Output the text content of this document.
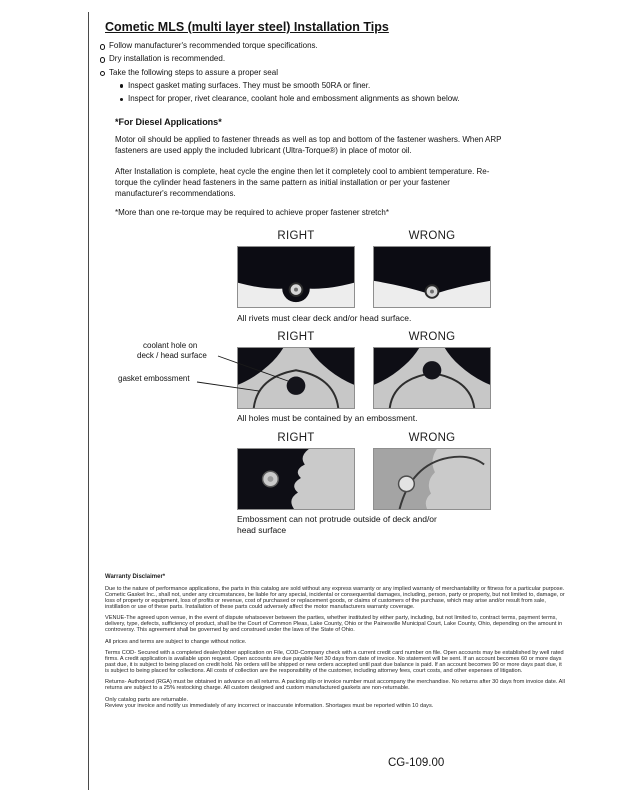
Cometic MLS (multi layer steel) Installation Tips
Follow manufacturer's recommended torque specifications.
Dry installation is recommended.
Take the following steps to assure a proper seal
Inspect gasket mating surfaces. They must be smooth 50RA or finer.
Inspect for proper, rivet clearance, coolant hole and embossment alignments as shown below.
*For Diesel Applications*

Motor oil should be applied to fastener threads as well as top and bottom of the fastener washers. When ARP fasteners are used apply the included lubricant (Ultra-Torque®) in place of motor oil.

After Installation is complete, heat cycle the engine then let it completely cool to ambient temperature. Re-torque the cylinder head fasteners in the same pattern as initial installation or per your fastener manufacturer's recommendations.

*More than one re-torque may be required to achieve proper fastener stretch*

RIGHT	WRONG
All rivets must clear deck and/or head surface.
RIGHT	WRONG
coolant hole on
deck / head surface
gasket embossment
All holes must be contained by an embossment.
RIGHT	WRONG
Embossment can not protrude outside of deck and/or head surface
Warranty Disclaimer*

Due to the nature of performance applications, the parts in this catalog are sold without any express warranty or any implied warranty of merchantability or fitness for a particular purpose. Cometic Gasket Inc., shall not, under any circumstances, be liable for any special, incidental or consequential damages, including, person, party or property, but not limited to, damage, or loss of property or equipment, loss of profits or revenue, cost of purchased or replacement goods, or claims of customers of the purchase, which may arise and/or result from sale, instillation or use of these parts. Installation of these parts could adversely affect the motor manufacturers warranty coverage.

VENUE-The agreed upon venue, in the event of dispute whatsoever between the parties, whether instituted by either party, including, but not limited to, contract terms, payment terms, delivery, type, defects, sufficiency of product, shall be the Court of Common Pleas, Lake County, Ohio or the Painesville Municipal Court, Lake County, Ohio, depending on the amount in controversy. This agreement shall be governed by and construed under the laws of the State of Ohio.

All prices and terms are subject to change without notice.

Terms COD- Secured with a completed dealer/jobber application on File, COD-Company check with a current credit card number on file. Open accounts may be established by well rated firms. A credit application is available upon request. Open accounts are due payable Net 30 days from date of invoice. No statement will be sent. If an account becomes 60 or more days past due, it is subject to being placed on credit hold. No orders will be shipped or new orders accepted until past due balance is paid. If an account becomes 90 or more days past due, it is subject to being placed for collections. All costs of collection are the responsibility of the customer, including attorney fees, court costs, and other expenses of litigation.

Returns- Authorized (RGA) must be obtained in advance on all returns. A packing slip or invoice number must accompany the merchandise. No returns after 30 days from invoice date. All returns are subject to a 25% restocking charge. All custom designed and custom manufactured gaskets are non-returnable.

Only catalog parts are returnable.

Review your invoice and notify us immediately of any incorrect or inaccurate information. Shortages must be reported within 10 days.

CG-109.00
